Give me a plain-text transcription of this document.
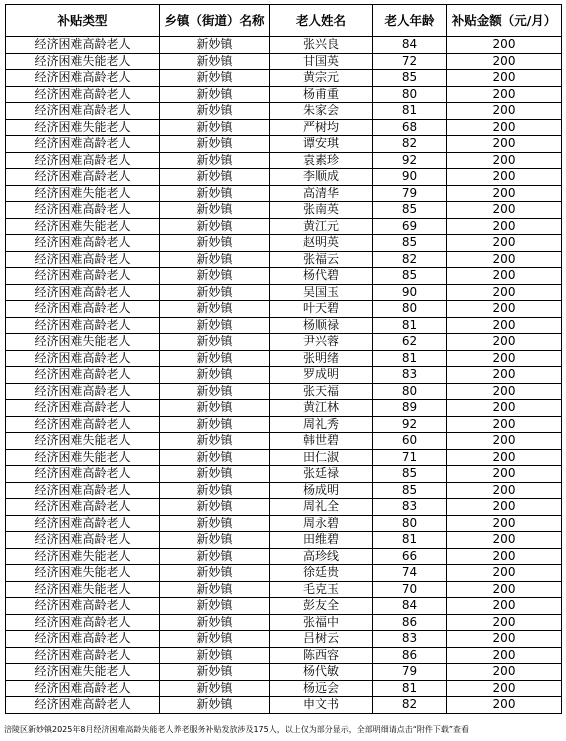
补贴类型	乡镇（街道）名称	老人姓名	老人年龄	补贴金额（元/月）
经济困难高龄老人	新妙镇	张兴良	84	200
经济困难失能老人	新妙镇	甘国英	72	200
经济困难高龄老人	新妙镇	黄宗元	85	200
经济困难高龄老人	新妙镇	杨甫重	80	200
经济困难高龄老人	新妙镇	朱家会	81	200
经济困难失能老人	新妙镇	严树均	68	200
经济困难高龄老人	新妙镇	谭安琪	82	200
经济困难高龄老人	新妙镇	袁素珍	92	200
经济困难高龄老人	新妙镇	李顺成	90	200
经济困难失能老人	新妙镇	高清华	79	200
经济困难高龄老人	新妙镇	张南英	85	200
经济困难失能老人	新妙镇	黄江元	69	200
经济困难高龄老人	新妙镇	赵明英	85	200
经济困难高龄老人	新妙镇	张福云	82	200
经济困难高龄老人	新妙镇	杨代碧	85	200
经济困难高龄老人	新妙镇	吴国玉	90	200
经济困难高龄老人	新妙镇	叶天碧	80	200
经济困难高龄老人	新妙镇	杨顺禄	81	200
经济困难失能老人	新妙镇	尹兴蓉	62	200
经济困难高龄老人	新妙镇	张明绪	81	200
经济困难高龄老人	新妙镇	罗成明	83	200
经济困难高龄老人	新妙镇	张天福	80	200
经济困难高龄老人	新妙镇	黄江林	89	200
经济困难高龄老人	新妙镇	周礼秀	92	200
经济困难失能老人	新妙镇	韩世碧	60	200
经济困难失能老人	新妙镇	田仁淑	71	200
经济困难高龄老人	新妙镇	张廷禄	85	200
经济困难高龄老人	新妙镇	杨成明	85	200
经济困难高龄老人	新妙镇	周礼全	83	200
经济困难高龄老人	新妙镇	周永碧	80	200
经济困难高龄老人	新妙镇	田维碧	81	200
经济困难失能老人	新妙镇	高珍线	66	200
经济困难失能老人	新妙镇	徐廷贵	74	200
经济困难失能老人	新妙镇	毛克玉	70	200
经济困难高龄老人	新妙镇	彭友全	84	200
经济困难高龄老人	新妙镇	张福中	86	200
经济困难高龄老人	新妙镇	吕树云	83	200
经济困难高龄老人	新妙镇	陈西容	86	200
经济困难失能老人	新妙镇	杨代敏	79	200
经济困难高龄老人	新妙镇	杨远会	81	200
经济困难高龄老人	新妙镇	申文书	82	200
涪陵区新妙镇2025年8月经济困难高龄失能老人养老服务补贴发放涉及175人，以上仅为部分显示，全部明细请点击“附件下载”查看
